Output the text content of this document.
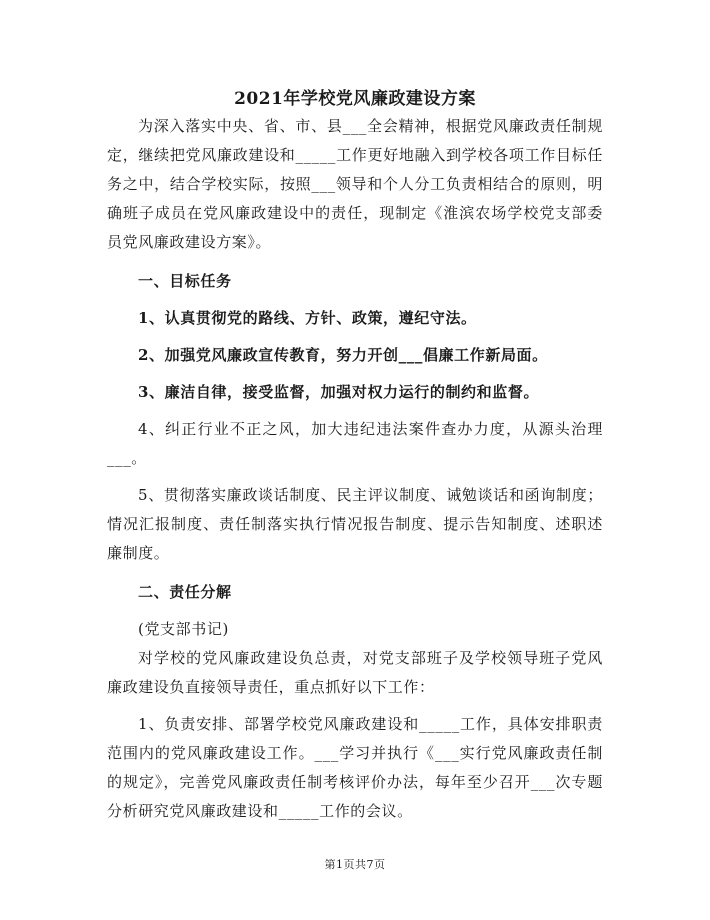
2021年学校党风廉政建设方案

为深入落实中央、省、市、县___全会精神，根据党风廉政责任制规定，继续把党风廉政建设和_____工作更好地融入到学校各项工作目标任务之中，结合学校实际，按照___领导和个人分工负责相结合的原则，明确班子成员在党风廉政建设中的责任，现制定《淮滨农场学校党支部委员党风廉政建设方案》。

一、目标任务

1、认真贯彻党的路线、方针、政策，遵纪守法。

2、加强党风廉政宣传教育，努力开创___倡廉工作新局面。

3、廉洁自律，接受监督，加强对权力运行的制约和监督。

4、纠正行业不正之风，加大违纪违法案件查办力度，从源头治理___。

5、贯彻落实廉政谈话制度、民主评议制度、诫勉谈话和函询制度；情况汇报制度、责任制落实执行情况报告制度、提示告知制度、述职述廉制度。

二、责任分解

(党支部书记)

对学校的党风廉政建设负总责，对党支部班子及学校领导班子党风廉政建设负直接领导责任，重点抓好以下工作：

1、负责安排、部署学校党风廉政建设和_____工作，具体安排职责范围内的党风廉政建设工作。___学习并执行《___实行党风廉政责任制的规定》，完善党风廉政责任制考核评价办法，每年至少召开___次专题分析研究党风廉政建设和_____工作的会议。

第1页共7页
